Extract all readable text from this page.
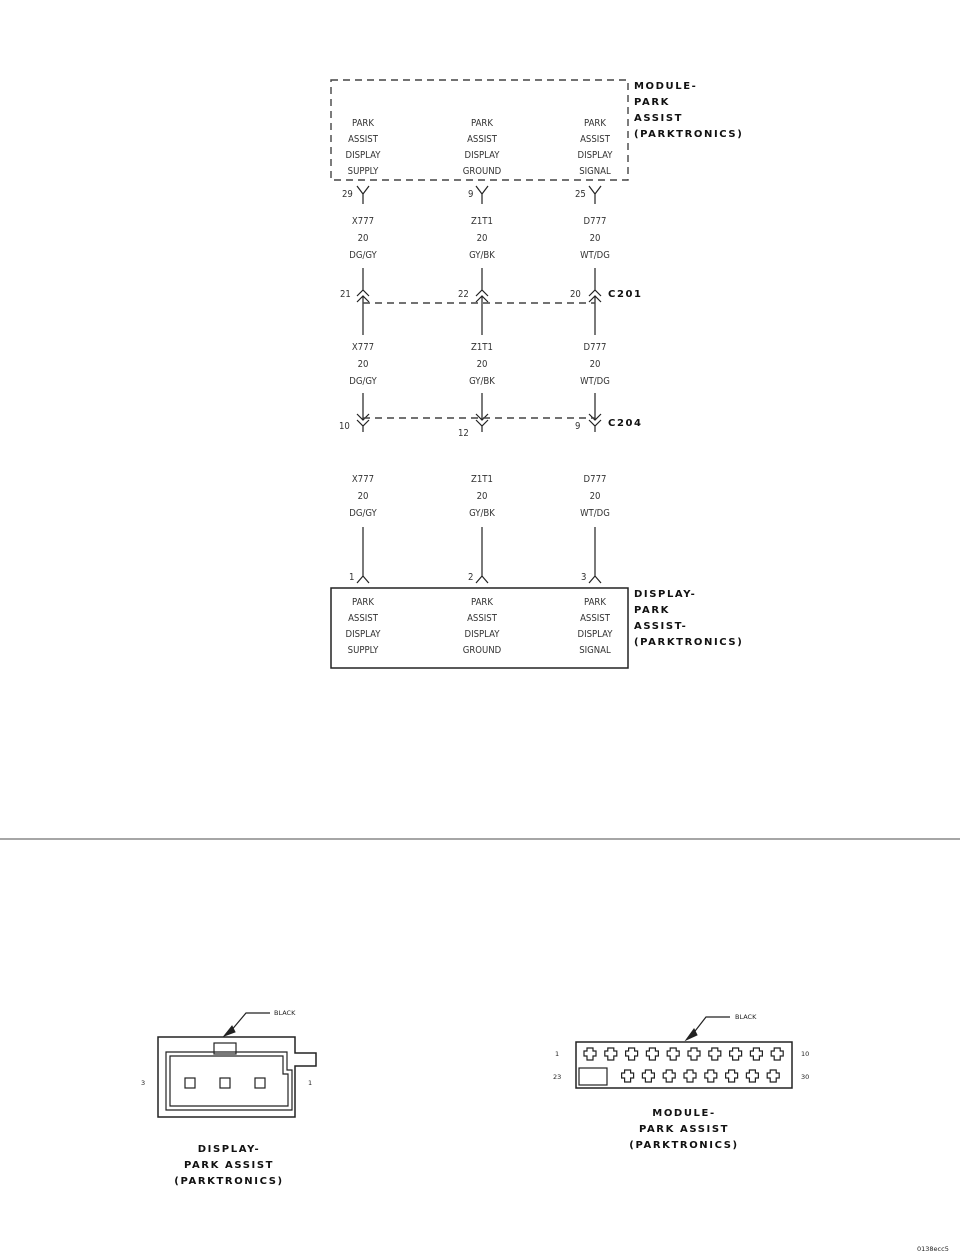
MODULE-
PARK
ASSIST
(PARKTRONICS)
PARK
ASSIST
DISPLAY
SUPPLY
PARK
ASSIST
DISPLAY
GROUND
PARK
ASSIST
DISPLAY
SIGNAL
29	9	25
X777
20
DG/GY
Z1T1
20
GY/BK
D777
20
WT/DG
21	22	20	C201
X777
20
DG/GY
Z1T1
20
GY/BK
D777
20
WT/DG
10
12
9	C204
X777
20
DG/GY
Z1T1
20
GY/BK
D777
20
WT/DG
1	2	3
PARK
ASSIST
DISPLAY
SUPPLY
PARK
ASSIST
DISPLAY
GROUND
PARK
ASSIST
DISPLAY
SIGNAL
DISPLAY-
PARK
ASSIST-
(PARKTRONICS)
BLACK
3	1
DISPLAY-
PARK ASSIST
(PARKTRONICS)
BLACK
1	10
23	30
MODULE-
PARK ASSIST
(PARKTRONICS)
0138ecc5
